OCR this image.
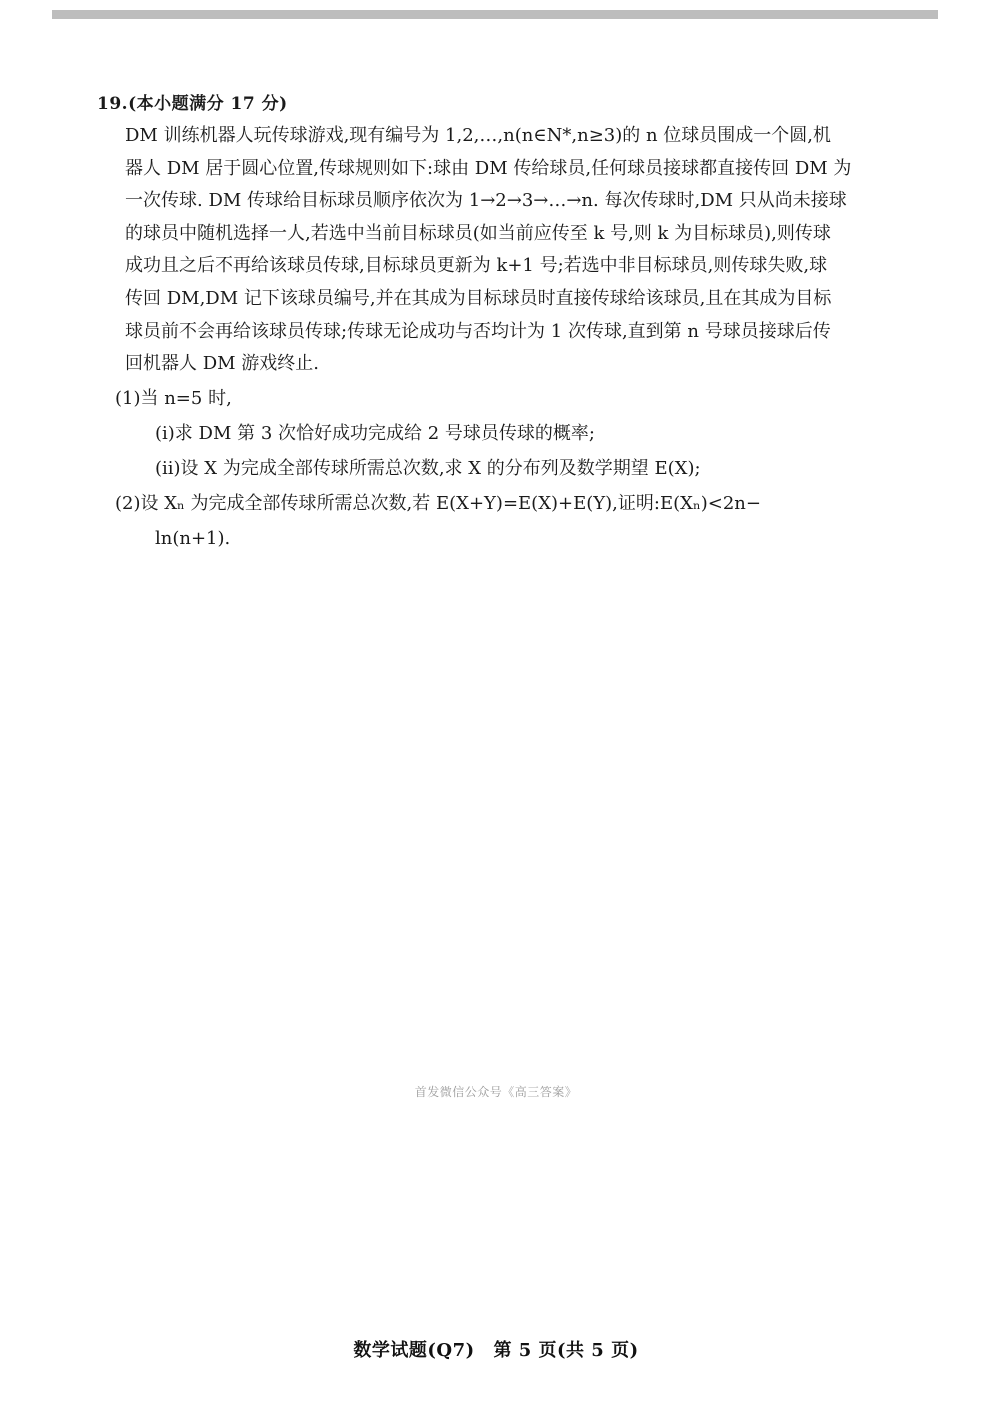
19.(本小题满分 17 分)

DM 训练机器人玩传球游戏,现有编号为 1,2,…,n(n∈N*,n≥3)的 n 位球员围成一个圆,机

器人 DM 居于圆心位置,传球规则如下:球由 DM 传给球员,任何球员接球都直接传回 DM 为

一次传球. DM 传球给目标球员顺序依次为 1→2→3→…→n. 每次传球时,DM 只从尚未接球

的球员中随机选择一人,若选中当前目标球员(如当前应传至 k 号,则 k 为目标球员),则传球

成功且之后不再给该球员传球,目标球员更新为 k+1 号;若选中非目标球员,则传球失败,球

传回 DM,DM 记下该球员编号,并在其成为目标球员时直接传球给该球员,且在其成为目标

球员前不会再给该球员传球;传球无论成功与否均计为 1 次传球,直到第 n 号球员接球后传

回机器人 DM 游戏终止.

(1)当 n=5 时,
(ⅰ)求 DM 第 3 次恰好成功完成给 2 号球员传球的概率;
(ⅱ)设 X 为完成全部传球所需总次数,求 X 的分布列及数学期望 E(X);
(2)设 Xₙ 为完成全部传球所需总次数,若 E(X+Y)=E(X)+E(Y),证明:E(Xₙ)<2n−
ln(n+1).
首发微信公众号《高三答案》
数学试题(Q7) 第 5 页(共 5 页)
